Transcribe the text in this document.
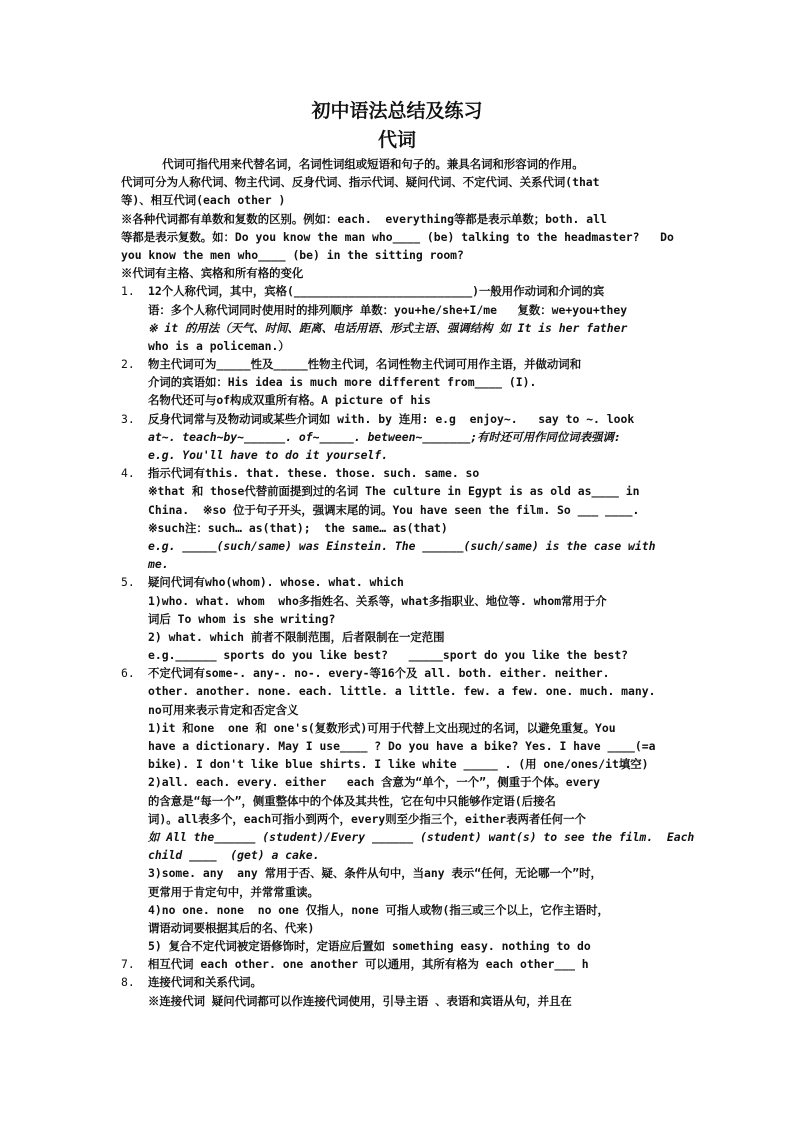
初中语法总结及练习
代词
代词可指代用来代替名词，名词性词组或短语和句子的。兼具名词和形容词的作用。
代词可分为人称代词、物主代词、反身代词、指示代词、疑问代词、不定代词、关系代词(that
等)、相互代词(each other )
※各种代词都有单数和复数的区别。例如：each.  everything等都是表示单数；both. all
等都是表示复数。如：Do you know the man who____ (be) talking to the headmaster?   Do
you know the men who____ (be) in the sitting room?
※代词有主格、宾格和所有格的变化
1.	12个人称代词，其中，宾格(__________________________)一般用作动词和介词的宾
语：多个人称代词同时使用时的排列顺序 单数：you+he/she+I/me   复数：we+you+they
※ it 的用法（天气、时间、距离、电话用语、形式主语、强调结构 如 It is her father
who is a policeman.）
2.	物主代词可为_____性及_____性物主代词，名词性物主代词可用作主语，并做动词和
介词的宾语如：His idea is much more different from____ (I).
名物代还可与of构成双重所有格。A picture of his
3.	反身代词常与及物动词或某些介词如 with. by 连用: e.g  enjoy~.   say to ~. look
at~. teach~by~______. of~_____. between~_______;有时还可用作同位词表强调:
e.g. You'll have to do it yourself.
4.	指示代词有this. that. these. those. such. same. so
※that 和 those代替前面提到过的名词 The culture in Egypt is as old as____ in
China.  ※so 位于句子开头，强调末尾的词。You have seen the film. So ___ ____.
※such注：such… as(that);  the same… as(that)
e.g. _____(such/same) was Einstein. The ______(such/same) is the case with
me.
5.	疑问代词有who(whom). whose. what. which
1)who. what. whom  who多指姓名、关系等，what多指职业、地位等. whom常用于介
词后 To whom is she writing?
2) what. which 前者不限制范围，后者限制在一定范围
e.g.______ sports do you like best?   _____sport do you like the best?
6.	不定代词有some-. any-. no-. every-等16个及 all. both. either. neither.
other. another. none. each. little. a little. few. a few. one. much. many.
no可用来表示肯定和否定含义
1)it 和one  one 和 one's(复数形式)可用于代替上文出现过的名词，以避免重复。You
have a dictionary. May I use____ ? Do you have a bike? Yes. I have ____(=a
bike). I don't like blue shirts. I like white _____ . (用 one/ones/it填空)
2)all. each. every. either   each 含意为“单个，一个”，侧重于个体。every
的含意是“每一个”，侧重整体中的个体及其共性，它在句中只能够作定语(后接名
词)。all表多个，each可指小到两个，every则至少指三个，either表两者任何一个
如 All the______ (student)/Every ______ (student) want(s) to see the film.  Each
child ____  (get) a cake.
3)some. any  any 常用于否、疑、条件从句中，当any 表示“任何，无论哪一个”时，
更常用于肯定句中，并常常重读。
4)no one. none  no one 仅指人，none 可指人或物(指三或三个以上，它作主语时，
谓语动词要根据其后的名、代来)
5) 复合不定代词被定语修饰时，定语应后置如 something easy. nothing to do
7.	相互代词 each other. one another 可以通用，其所有格为 each other___ h
8.	连接代词和关系代词。
※连接代词 疑问代词都可以作连接代词使用，引导主语 、表语和宾语从句，并且在
